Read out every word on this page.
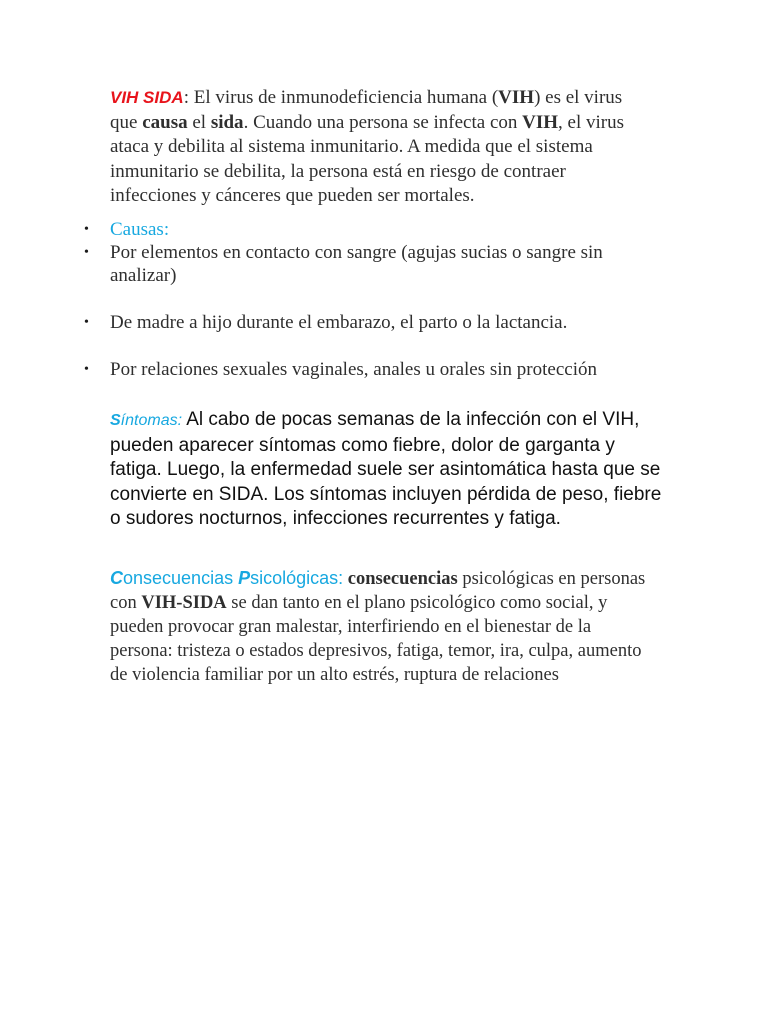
VIH SIDA: El virus de inmunodeficiencia humana (VIH) es el virus que causa el sida. Cuando una persona se infecta con VIH, el virus ataca y debilita al sistema inmunitario. A medida que el sistema inmunitario se debilita, la persona está en riesgo de contraer infecciones y cánceres que pueden ser mortales.

• Causas:
• Por elementos en contacto con sangre (agujas sucias o sangre sin analizar)
• De madre a hijo durante el embarazo, el parto o la lactancia.
• Por relaciones sexuales vaginales, anales u orales sin protección

Síntomas: Al cabo de pocas semanas de la infección con el VIH, pueden aparecer síntomas como fiebre, dolor de garganta y fatiga. Luego, la enfermedad suele ser asintomática hasta que se convierte en SIDA. Los síntomas incluyen pérdida de peso, fiebre o sudores nocturnos, infecciones recurrentes y fatiga.

Consecuencias Psicológicas: consecuencias psicológicas en personas con VIH-SIDA se dan tanto en el plano psicológico como social, y pueden provocar gran malestar, interfiriendo en el bienestar de la persona: tristeza o estados depresivos, fatiga, temor, ira, culpa, aumento de violencia familiar por un alto estrés, ruptura de relaciones
